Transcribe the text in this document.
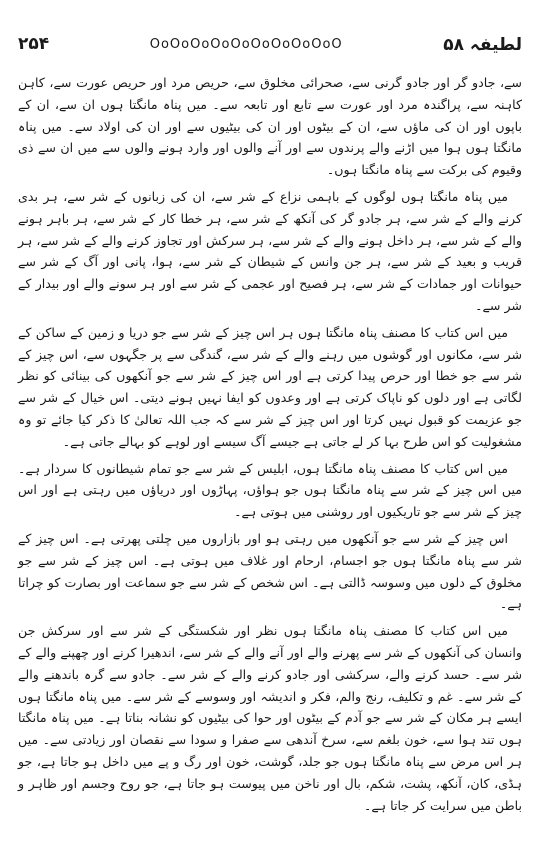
۲۵۴	OoOoOoOoOoOoOoOoOoO	لطیفہ ۵۸

سے، جادو گر اور جادو گرنی سے، صحرائی مخلوق سے، حریص مرد اور حریص عورت سے، کاہن کاہنہ سے، پراگندہ مرد اور عورت سے تابع اور تابعہ سے۔ میں پناہ مانگتا ہوں ان سے، ان کے باپوں اور ان کی ماؤں سے، ان کے بیٹوں اور ان کی بیٹیوں سے اور ان کی اولاد سے۔ میں پناہ مانگتا ہوں ہوا میں اڑنے والے پرندوں سے اور آنے والوں اور وارد ہونے والوں سے میں ان سے ذی وقیوم کی برکت سے پناہ مانگتا ہوں۔

میں پناہ مانگتا ہوں لوگوں کے باہمی نزاع کے شر سے، ان کی زبانوں کے شر سے، ہر بدی کرنے والے کے شر سے، ہر جادو گر کی آنکھ کے شر سے، ہر خطا کار کے شر سے، ہر باہر ہونے والے کے شر سے، ہر داخل ہونے والے کے شر سے، ہر سرکش اور تجاوز کرنے والے کے شر سے، ہر قریب و بعید کے شر سے، ہر جن وانس کے شیطان کے شر سے، ہوا، پانی اور آگ کے شر سے حیوانات اور جمادات کے شر سے، ہر فصیح اور عجمی کے شر سے اور ہر سونے والے اور بیدار کے شر سے۔

میں اس کتاب کا مصنف پناہ مانگتا ہوں ہر اس چیز کے شر سے جو دریا و زمین کے ساکن کے شر سے، مکانوں اور گوشوں میں رہنے والے کے شر سے، گندگی سے پر جگہوں سے، اس چیز کے شر سے جو خطا اور حرص پیدا کرتی ہے اور اس چیز کے شر سے جو آنکھوں کی بینائی کو نظر لگاتی ہے اور دلوں کو ناپاک کرتی ہے اور وعدوں کو ایفا نہیں ہونے دیتی۔ اس خیال کے شر سے جو عزیمت کو قبول نہیں کرتا اور اس چیز کے شر سے کہ جب اللہ تعالیٰ کا ذکر کیا جائے تو وہ مشغولیت کو اس طرح بہا کر لے جاتی ہے جیسے آگ سیسے اور لوہے کو بہالے جاتی ہے۔

میں اس کتاب کا مصنف پناہ مانگتا ہوں، ابلیس کے شر سے جو تمام شیطانوں کا سردار ہے۔ میں اس چیز کے شر سے پناہ مانگتا ہوں جو ہواؤں، پہاڑوں اور دریاؤں میں رہتی ہے اور اس چیز کے شر سے جو تاریکیوں اور روشنی میں ہوتی ہے۔

اس چیز کے شر سے جو آنکھوں میں رہتی ہو اور بازاروں میں چلتی پھرتی ہے۔ اس چیز کے شر سے پناہ مانگتا ہوں جو اجسام، ارحام اور غلاف میں ہوتی ہے۔ اس چیز کے شر سے جو مخلوق کے دلوں میں وسوسہ ڈالتی ہے۔ اس شخص کے شر سے جو سماعت اور بصارت کو چراتا ہے۔

میں اس کتاب کا مصنف پناہ مانگتا ہوں نظر اور شکستگی کے شر سے اور سرکش جن وانسان کی آنکھوں کے شر سے پھرنے والے اور آنے والے کے شر سے، اندھیرا کرنے اور چھپنے والے کے شر سے۔ حسد کرنے والے، سرکشی اور جادو کرنے والے کے شر سے۔ جادو سے گرہ باندھنے والے کے شر سے۔ غم و تکلیف، رنج والم، فکر و اندیشہ اور وسوسے کے شر سے۔ میں پناہ مانگتا ہوں ایسے ہر مکان کے شر سے جو آدم کے بیٹوں اور حوا کی بیٹیوں کو نشانہ بناتا ہے۔ میں پناہ مانگتا ہوں تند ہوا سے، خون بلغم سے، سرخ آندھی سے صفرا و سودا سے نقصان اور زیادتی سے۔ میں ہر اس مرض سے پناہ مانگتا ہوں جو جلد، گوشت، خون اور رگ و پے میں داخل ہو جاتا ہے، جو ہڈی، کان، آنکھ، پشت، شکم، بال اور ناخن میں پیوست ہو جاتا ہے، جو روح وجسم اور ظاہر و باطن میں سرایت کر جاتا ہے۔
